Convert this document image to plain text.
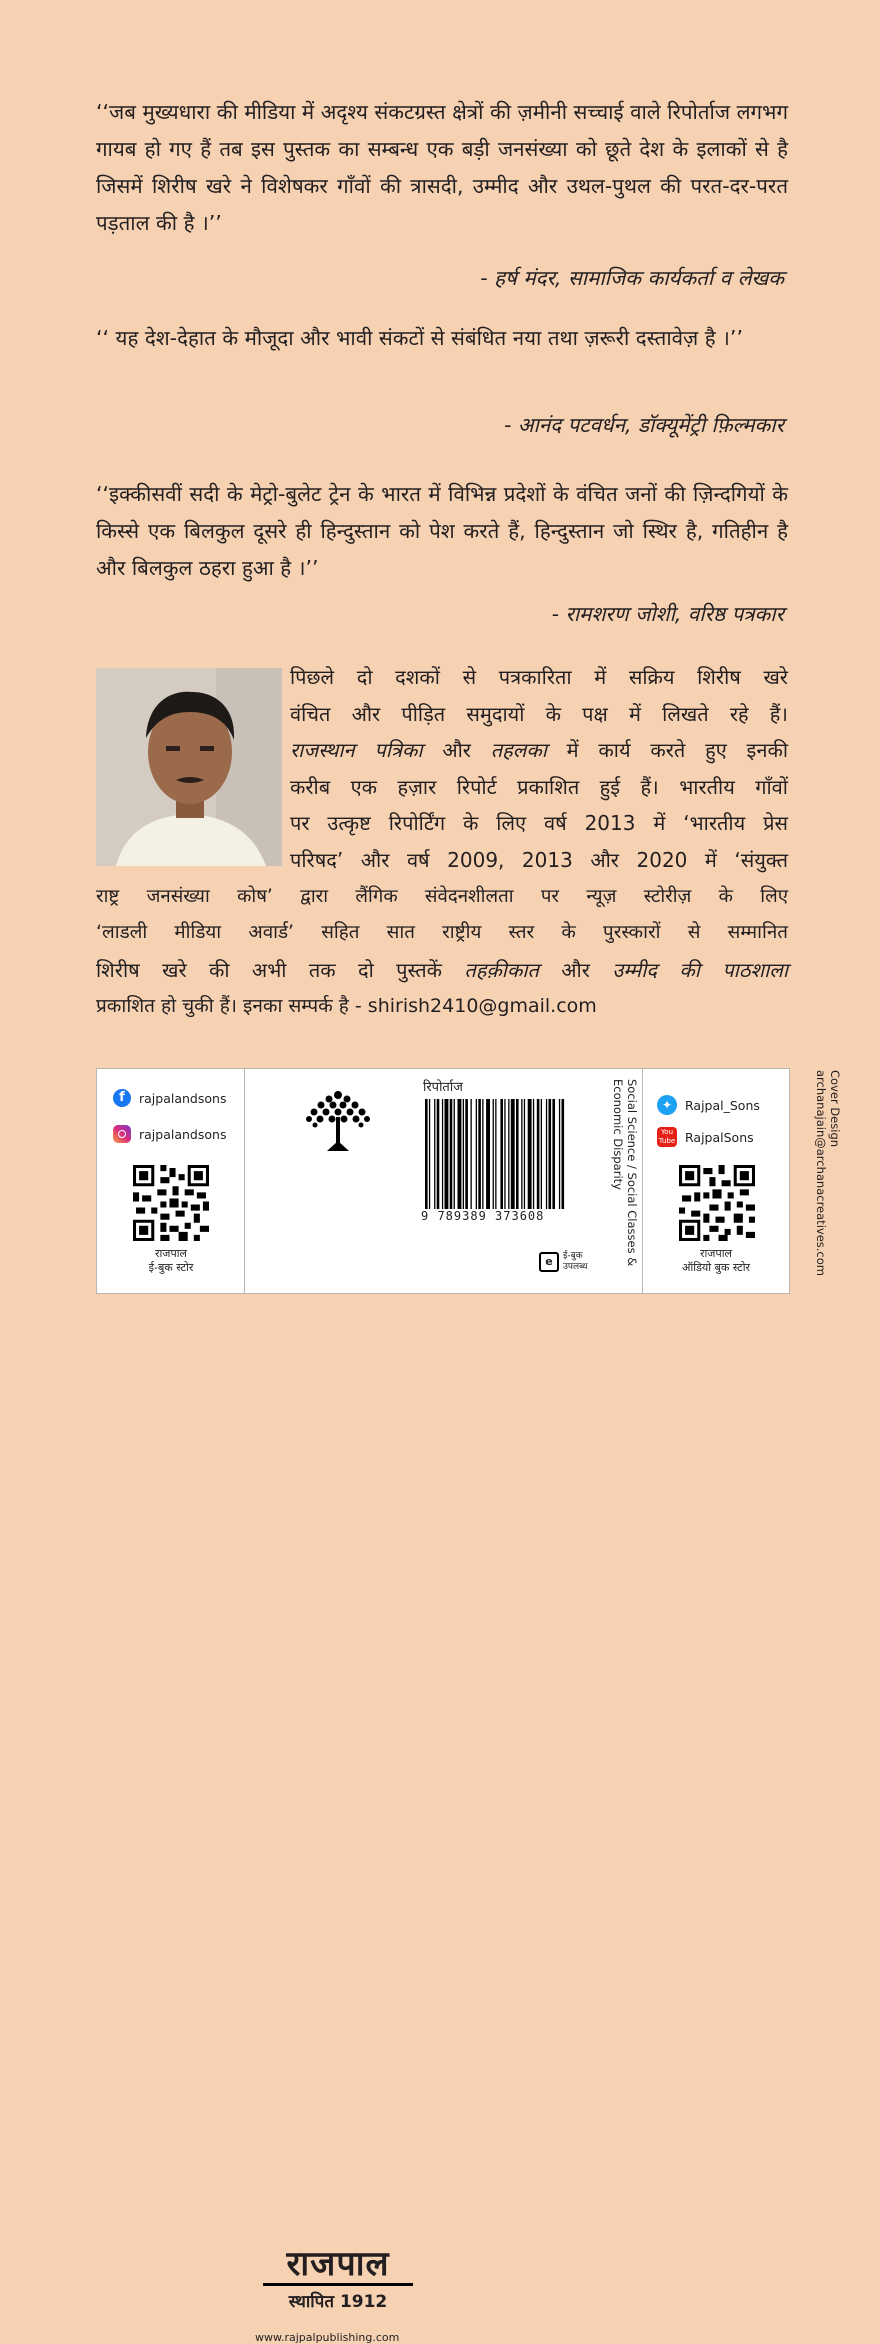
‘‘जब मुख्यधारा की मीडिया में अदृश्य संकटग्रस्त क्षेत्रों की ज़मीनी सच्चाई वाले रिपोर्ताज लगभग गायब हो गए हैं तब इस पुस्तक का सम्बन्ध एक बड़ी जनसंख्या को छूते देश के इलाकों से है जिसमें शिरीष खरे ने विशेषकर गाँवों की त्रासदी, उम्मीद और उथल-पुथल की परत-दर-परत पड़ताल की है ।’’

- हर्ष मंदर, सामाजिक कार्यकर्ता व लेखक

‘‘ यह देश-देहात के मौजूदा और भावी संकटों से संबंधित नया तथा ज़रूरी दस्तावेज़ है ।’’

- आनंद पटवर्धन, डॉक्यूमेंट्री फ़िल्मकार

‘‘इक्कीसवीं सदी के मेट्रो-बुलेट ट्रेन के भारत में विभिन्न प्रदेशों के वंचित जनों की ज़िन्दगियों के किस्से एक बिलकुल दूसरे ही हिन्दुस्तान को पेश करते हैं, हिन्दुस्तान जो स्थिर है, गतिहीन है और बिलकुल ठहरा हुआ है ।’’

- रामशरण जोशी, वरिष्ठ पत्रकार
पिछले दो दशकों से पत्रकारिता में सक्रिय शिरीष खरे
वंचित और पीड़ित समुदायों के पक्ष में लिखते रहे हैं।
राजस्थान पत्रिका और तहलका में कार्य करते हुए इनकी
करीब एक हज़ार रिपोर्ट प्रकाशित हुई हैं। भारतीय गाँवों
पर उत्कृष्ट रिपोर्टिंग के लिए वर्ष 2013 में ‘भारतीय प्रेस
परिषद’ और वर्ष 2009, 2013 और 2020 में ‘संयुक्त
राष्ट्र जनसंख्या कोष’ द्वारा लैंगिक संवेदनशीलता पर न्यूज़ स्टोरीज़ के लिए
‘लाडली मीडिया अवार्ड’ सहित सात राष्ट्रीय स्तर के पुरस्कारों से सम्मानित
शिरीष खरे की अभी तक दो पुस्तकें तहक़ीकात और उम्मीद की पाठशाला
प्रकाशित हो चुकी हैं। इनका सम्पर्क है - shirish2410@gmail.com
f	rajpalandsons
rajpalandsons
राजपाल
ई-बुक स्टोर
राजपाल
स्थापित 1912
www.rajpalpublishing.com
रिपोर्ताज
9 789389 373608
e	ई-बुक
उपलब्ध
Social Science / Social Classes & Economic Disparity	✦	Rajpal_Sons
You Tube RajpalSons
राजपाल
ऑडियो बुक स्टोर
Cover Design archanajain@archanacreatives.com
